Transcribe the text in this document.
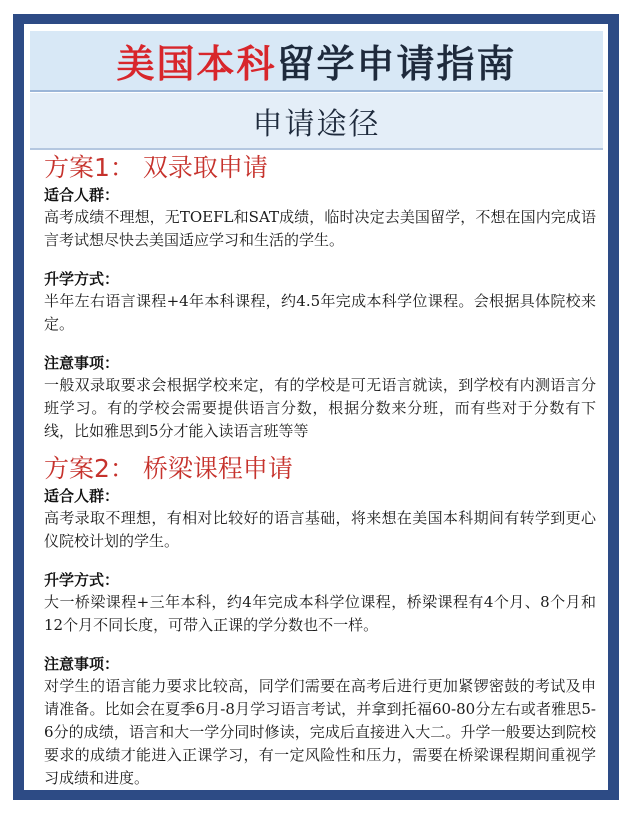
美国本科 留学申请指南
申请途径
方案1： 双录取申请
适合人群：

高考成绩不理想，无TOEFL和SAT成绩，临时决定去美国留学，不想在国内完成语言考试想尽快去美国适应学习和生活的学生。

升学方式：

半年左右语言课程+4年本科课程，约4.5年完成本科学位课程。会根据具体院校来定。

注意事项：

一般双录取要求会根据学校来定，有的学校是可无语言就读，到学校有内测语言分班学习。有的学校会需要提供语言分数，根据分数来分班，而有些对于分数有下线，比如雅思到5分才能入读语言班等等

方案2： 桥梁课程申请
适合人群：

高考录取不理想，有相对比较好的语言基础，将来想在美国本科期间有转学到更心仪院校计划的学生。

升学方式：

大一桥梁课程+三年本科，约4年完成本科学位课程，桥梁课程有4个月、8个月和12个月不同长度，可带入正课的学分数也不一样。

注意事项：

对学生的语言能力要求比较高，同学们需要在高考后进行更加紧锣密鼓的考试及申请准备。比如会在夏季6月-8月学习语言考试，并拿到托福60-80分左右或者雅思5-6分的成绩，语言和大一学分同时修读，完成后直接进入大二。升学一般要达到院校要求的成绩才能进入正课学习，有一定风险性和压力，需要在桥梁课程期间重视学习成绩和进度。
